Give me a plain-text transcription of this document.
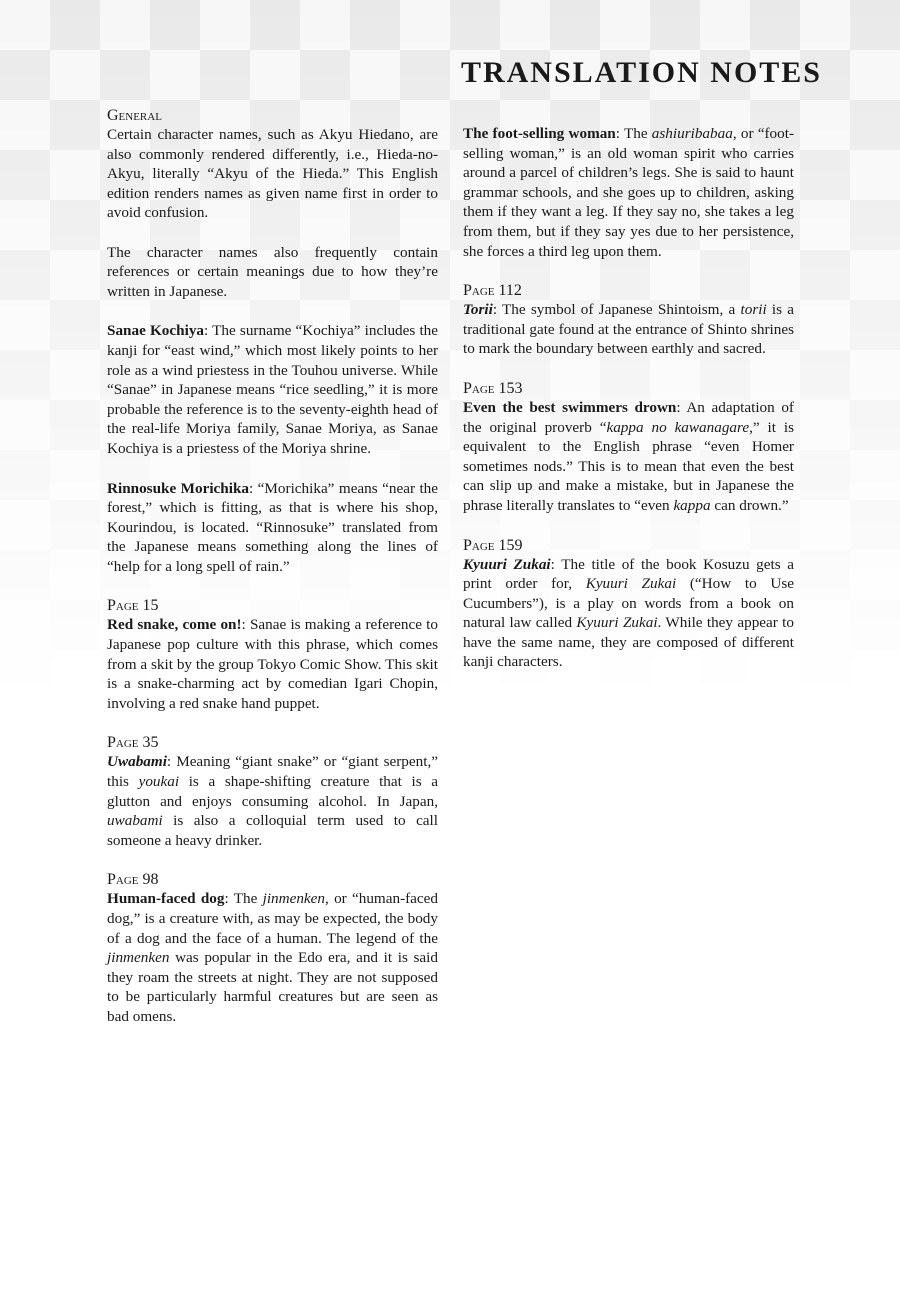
TRANSLATION NOTES

General

Certain character names, such as Akyu Hiedano, are also commonly rendered differently, i.e., Hieda-no-Akyu, literally “Akyu of the Hieda.” This English edition renders names as given name first in order to avoid confusion.

The character names also frequently contain references or certain meanings due to how they’re written in Japanese.

Sanae Kochiya: The surname “Kochiya” includes the kanji for “east wind,” which most likely points to her role as a wind priestess in the Touhou universe. While “Sanae” in Japanese means “rice seedling,” it is more probable the reference is to the seventy-eighth head of the real-life Moriya family, Sanae Moriya, as Sanae Kochiya is a priestess of the Moriya shrine.

Rinnosuke Morichika: “Morichika” means “near the forest,” which is fitting, as that is where his shop, Kourindou, is located. “Rinnosuke” translated from the Japanese means something along the lines of “help for a long spell of rain.”

Page 15

Red snake, come on!: Sanae is making a reference to Japanese pop culture with this phrase, which comes from a skit by the group Tokyo Comic Show. This skit is a snake-charming act by comedian Igari Chopin, involving a red snake hand puppet.

Page 35

Uwabami: Meaning “giant snake” or “giant serpent,” this youkai is a shape-shifting creature that is a glutton and enjoys consuming alcohol. In Japan, uwabami is also a colloquial term used to call someone a heavy drinker.

Page 98

Human-faced dog: The jinmenken, or “human-faced dog,” is a creature with, as may be expected, the body of a dog and the face of a human. The legend of the jinmenken was popular in the Edo era, and it is said they roam the streets at night. They are not supposed to be particularly harmful creatures but are seen as bad omens.

The foot-selling woman: The ashiuribabaa, or “foot-selling woman,” is an old woman spirit who carries around a parcel of children’s legs. She is said to haunt grammar schools, and she goes up to children, asking them if they want a leg. If they say no, she takes a leg from them, but if they say yes due to her persistence, she forces a third leg upon them.

Page 112

Torii: The symbol of Japanese Shintoism, a torii is a traditional gate found at the entrance of Shinto shrines to mark the boundary between earthly and sacred.

Page 153

Even the best swimmers drown: An adaptation of the original proverb “kappa no kawanagare,” it is equivalent to the English phrase “even Homer sometimes nods.” This is to mean that even the best can slip up and make a mistake, but in Japanese the phrase literally translates to “even kappa can drown.”

Page 159

Kyuuri Zukai: The title of the book Kosuzu gets a print order for, Kyuuri Zukai (“How to Use Cucumbers”), is a play on words from a book on natural law called Kyuuri Zukai. While they appear to have the same name, they are composed of different kanji characters.
